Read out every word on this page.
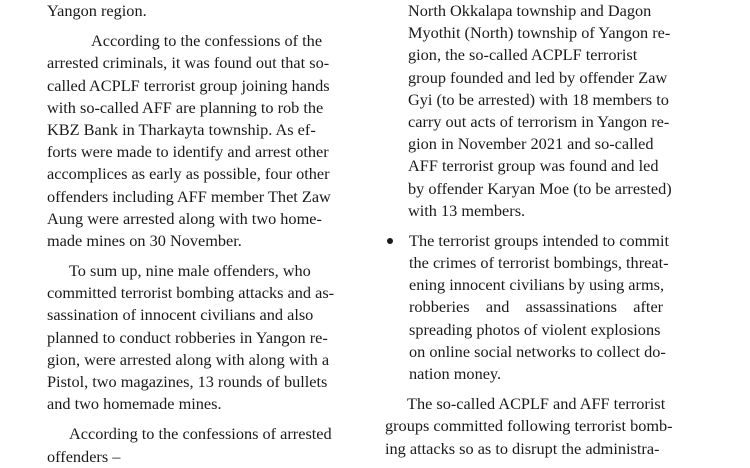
Yangon region.
According to the confessions of the
arrested criminals, it was found out that so-
called ACPLF terrorist group joining hands
with so-called AFF are planning to rob the
KBZ Bank in Tharkayta township. As ef-
forts were made to identify and arrest other
accomplices as early as possible, four other
offenders including AFF member Thet Zaw
Aung were arrested along with two home-
made mines on 30 November.
To sum up, nine male offenders, who
committed terrorist bombing attacks and as-
sassination of innocent civilians and also
planned to conduct robberies in Yangon re-
gion, were arrested along with along with a
Pistol, two magazines, 13 rounds of bullets
and two homemade mines.
According to the confessions of arrested
offenders –
North Okkalapa township and Dagon
Myothit (North) township of Yangon re-
gion, the so-called ACPLF terrorist
group founded and led by offender Zaw
Gyi (to be arrested) with 18 members to
carry out acts of terrorism in Yangon re-
gion in November 2021 and so-called
AFF terrorist group was found and led
by offender Karyan Moe (to be arrested)
with 13 members.
The terrorist groups intended to commit
the crimes of terrorist bombings, threat-
ening innocent civilians by using arms,
robberies    and    assassinations    after
spreading photos of violent explosions
on online social networks to collect do-
nation money.
The so-called ACPLF and AFF terrorist
groups committed following terrorist bomb-
ing attacks so as to disrupt the administra-
